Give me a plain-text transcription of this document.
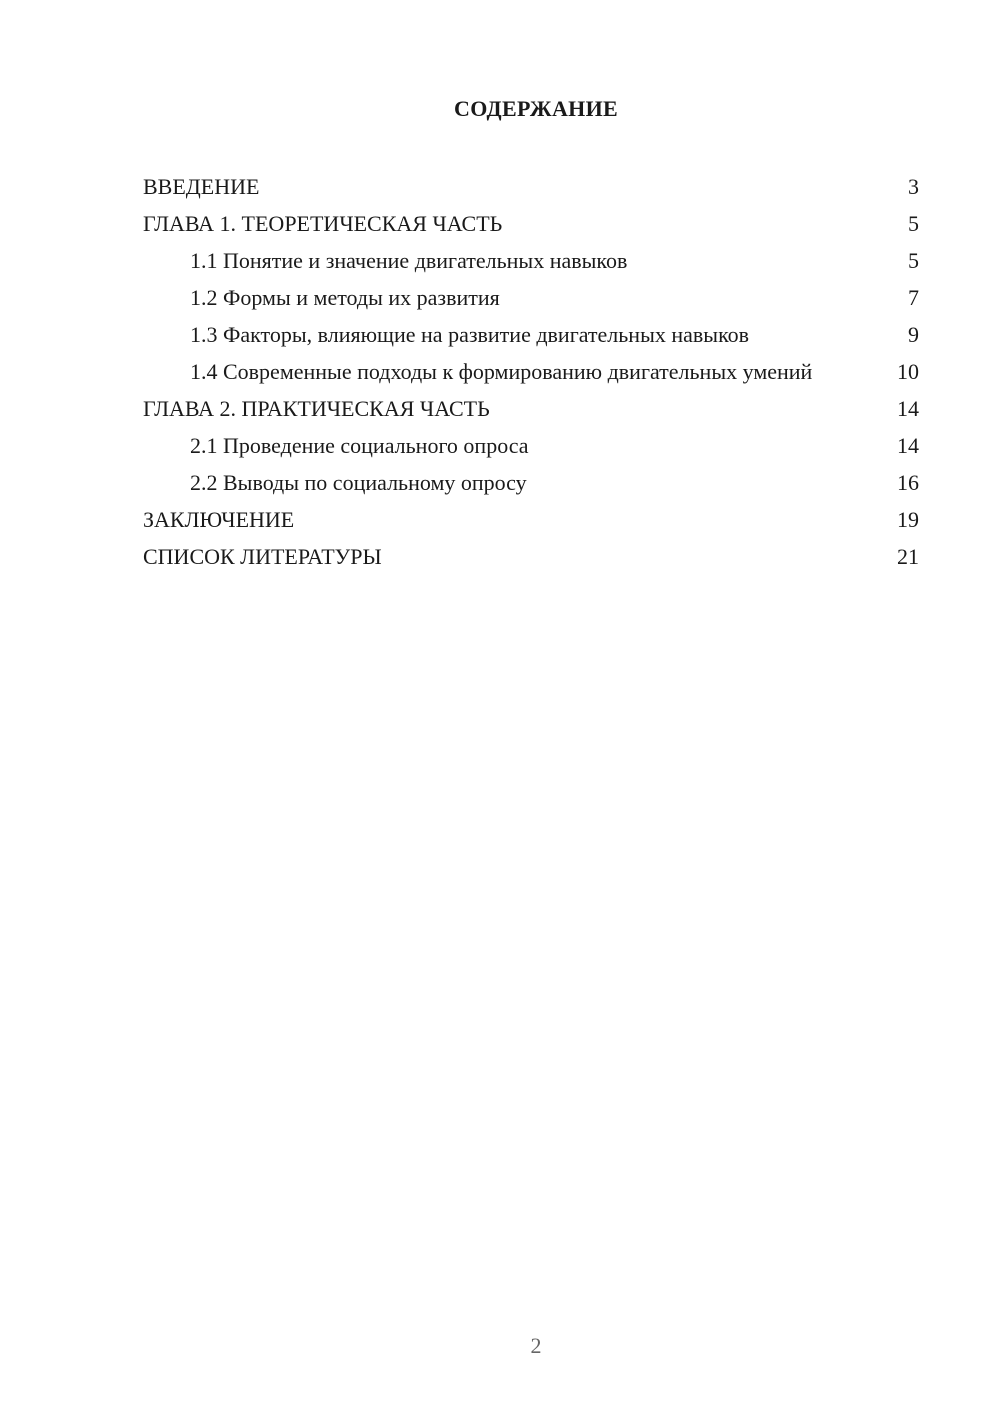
СОДЕРЖАНИЕ
ВВЕДЕНИЕ	3
ГЛАВА 1. ТЕОРЕТИЧЕСКАЯ ЧАСТЬ	5
1.1 Понятие и значение двигательных навыков	5
1.2 Формы и методы их развития	7
1.3 Факторы, влияющие на развитие двигательных навыков	9
1.4 Современные подходы к формированию двигательных умений	10
ГЛАВА 2. ПРАКТИЧЕСКАЯ ЧАСТЬ	14
2.1 Проведение социального опроса	14
2.2 Выводы по социальному опросу	16
ЗАКЛЮЧЕНИЕ	19
СПИСОК ЛИТЕРАТУРЫ	21
2
